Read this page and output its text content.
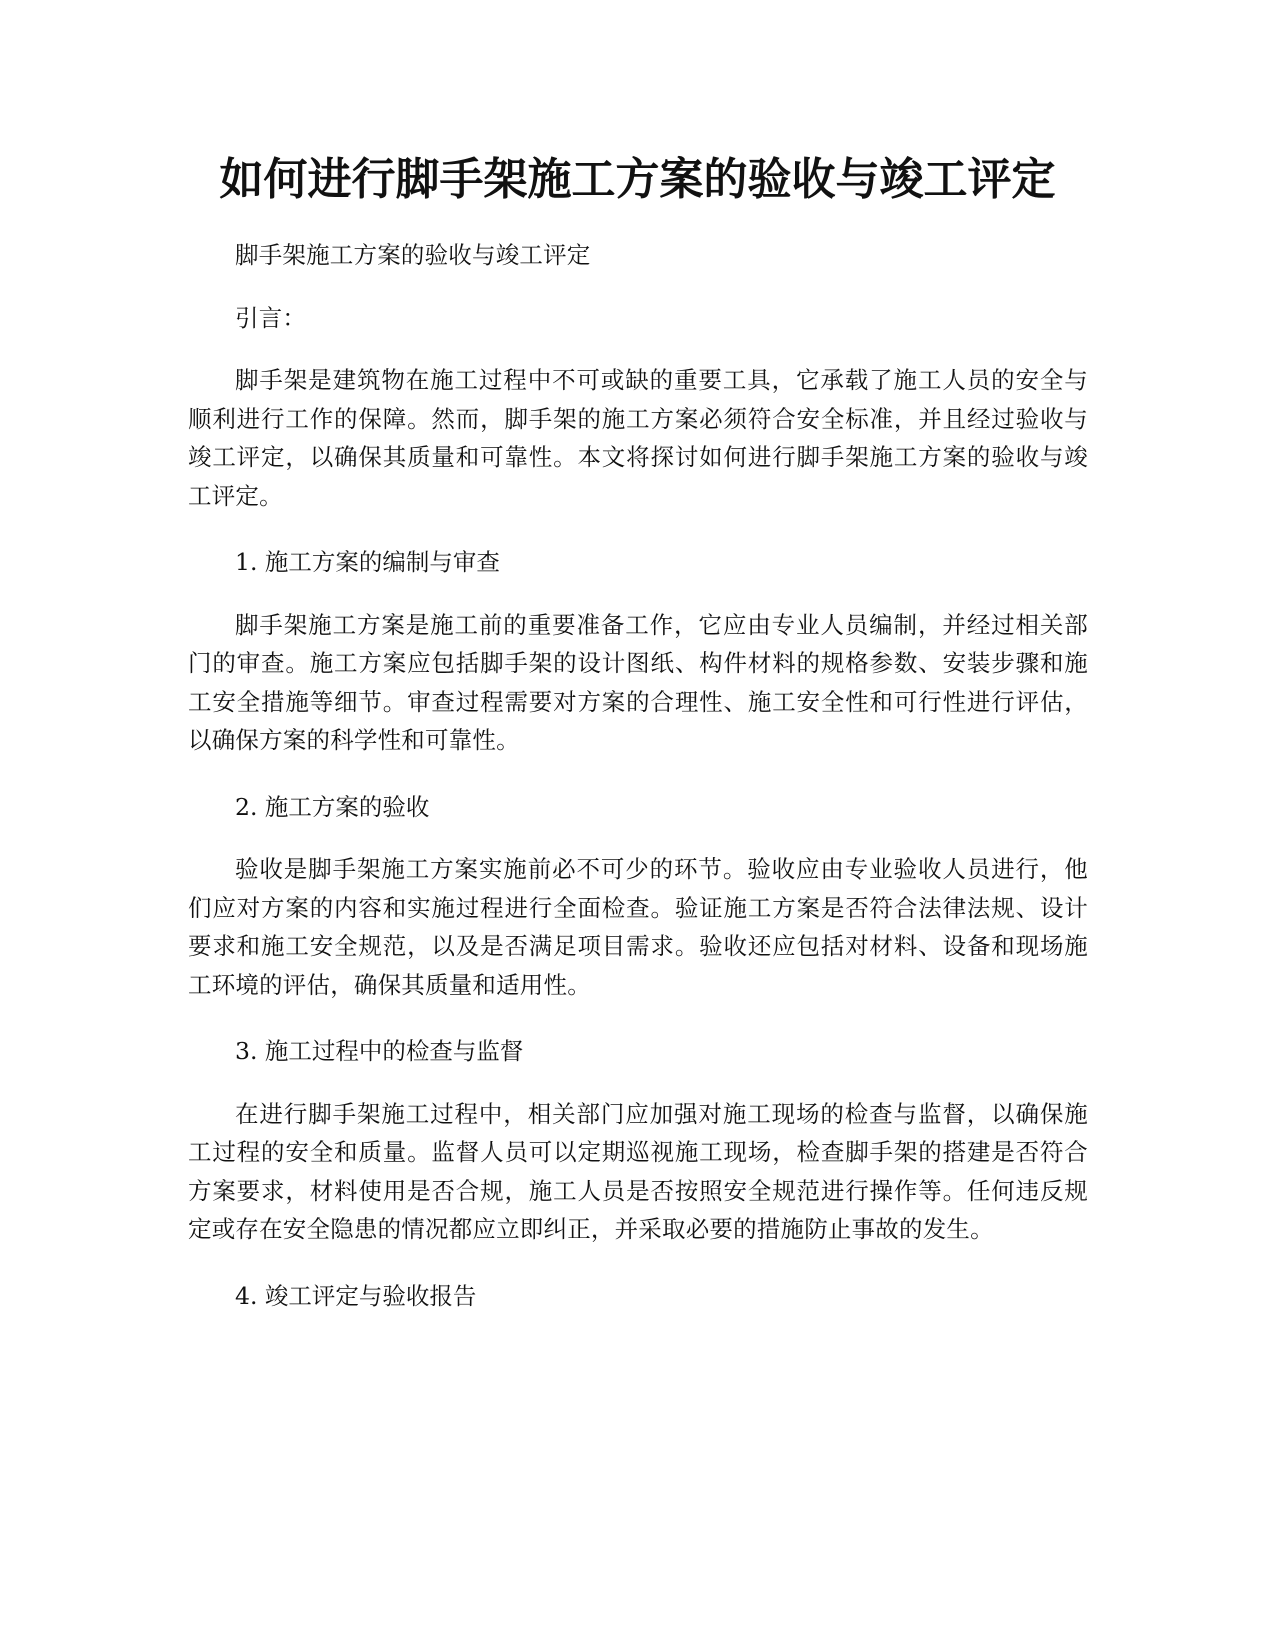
如何进行脚手架施工方案的验收与竣工评定

脚手架施工方案的验收与竣工评定

引言：

脚手架是建筑物在施工过程中不可或缺的重要工具，它承载了施工人员的安全与顺利进行工作的保障。然而，脚手架的施工方案必须符合安全标准，并且经过验收与竣工评定，以确保其质量和可靠性。本文将探讨如何进行脚手架施工方案的验收与竣工评定。

1. 施工方案的编制与审查

脚手架施工方案是施工前的重要准备工作，它应由专业人员编制，并经过相关部门的审查。施工方案应包括脚手架的设计图纸、构件材料的规格参数、安装步骤和施工安全措施等细节。审查过程需要对方案的合理性、施工安全性和可行性进行评估，以确保方案的科学性和可靠性。

2. 施工方案的验收

验收是脚手架施工方案实施前必不可少的环节。验收应由专业验收人员进行，他们应对方案的内容和实施过程进行全面检查。验证施工方案是否符合法律法规、设计要求和施工安全规范，以及是否满足项目需求。验收还应包括对材料、设备和现场施工环境的评估，确保其质量和适用性。

3. 施工过程中的检查与监督

在进行脚手架施工过程中，相关部门应加强对施工现场的检查与监督，以确保施工过程的安全和质量。监督人员可以定期巡视施工现场，检查脚手架的搭建是否符合方案要求，材料使用是否合规，施工人员是否按照安全规范进行操作等。任何违反规定或存在安全隐患的情况都应立即纠正，并采取必要的措施防止事故的发生。

4. 竣工评定与验收报告
